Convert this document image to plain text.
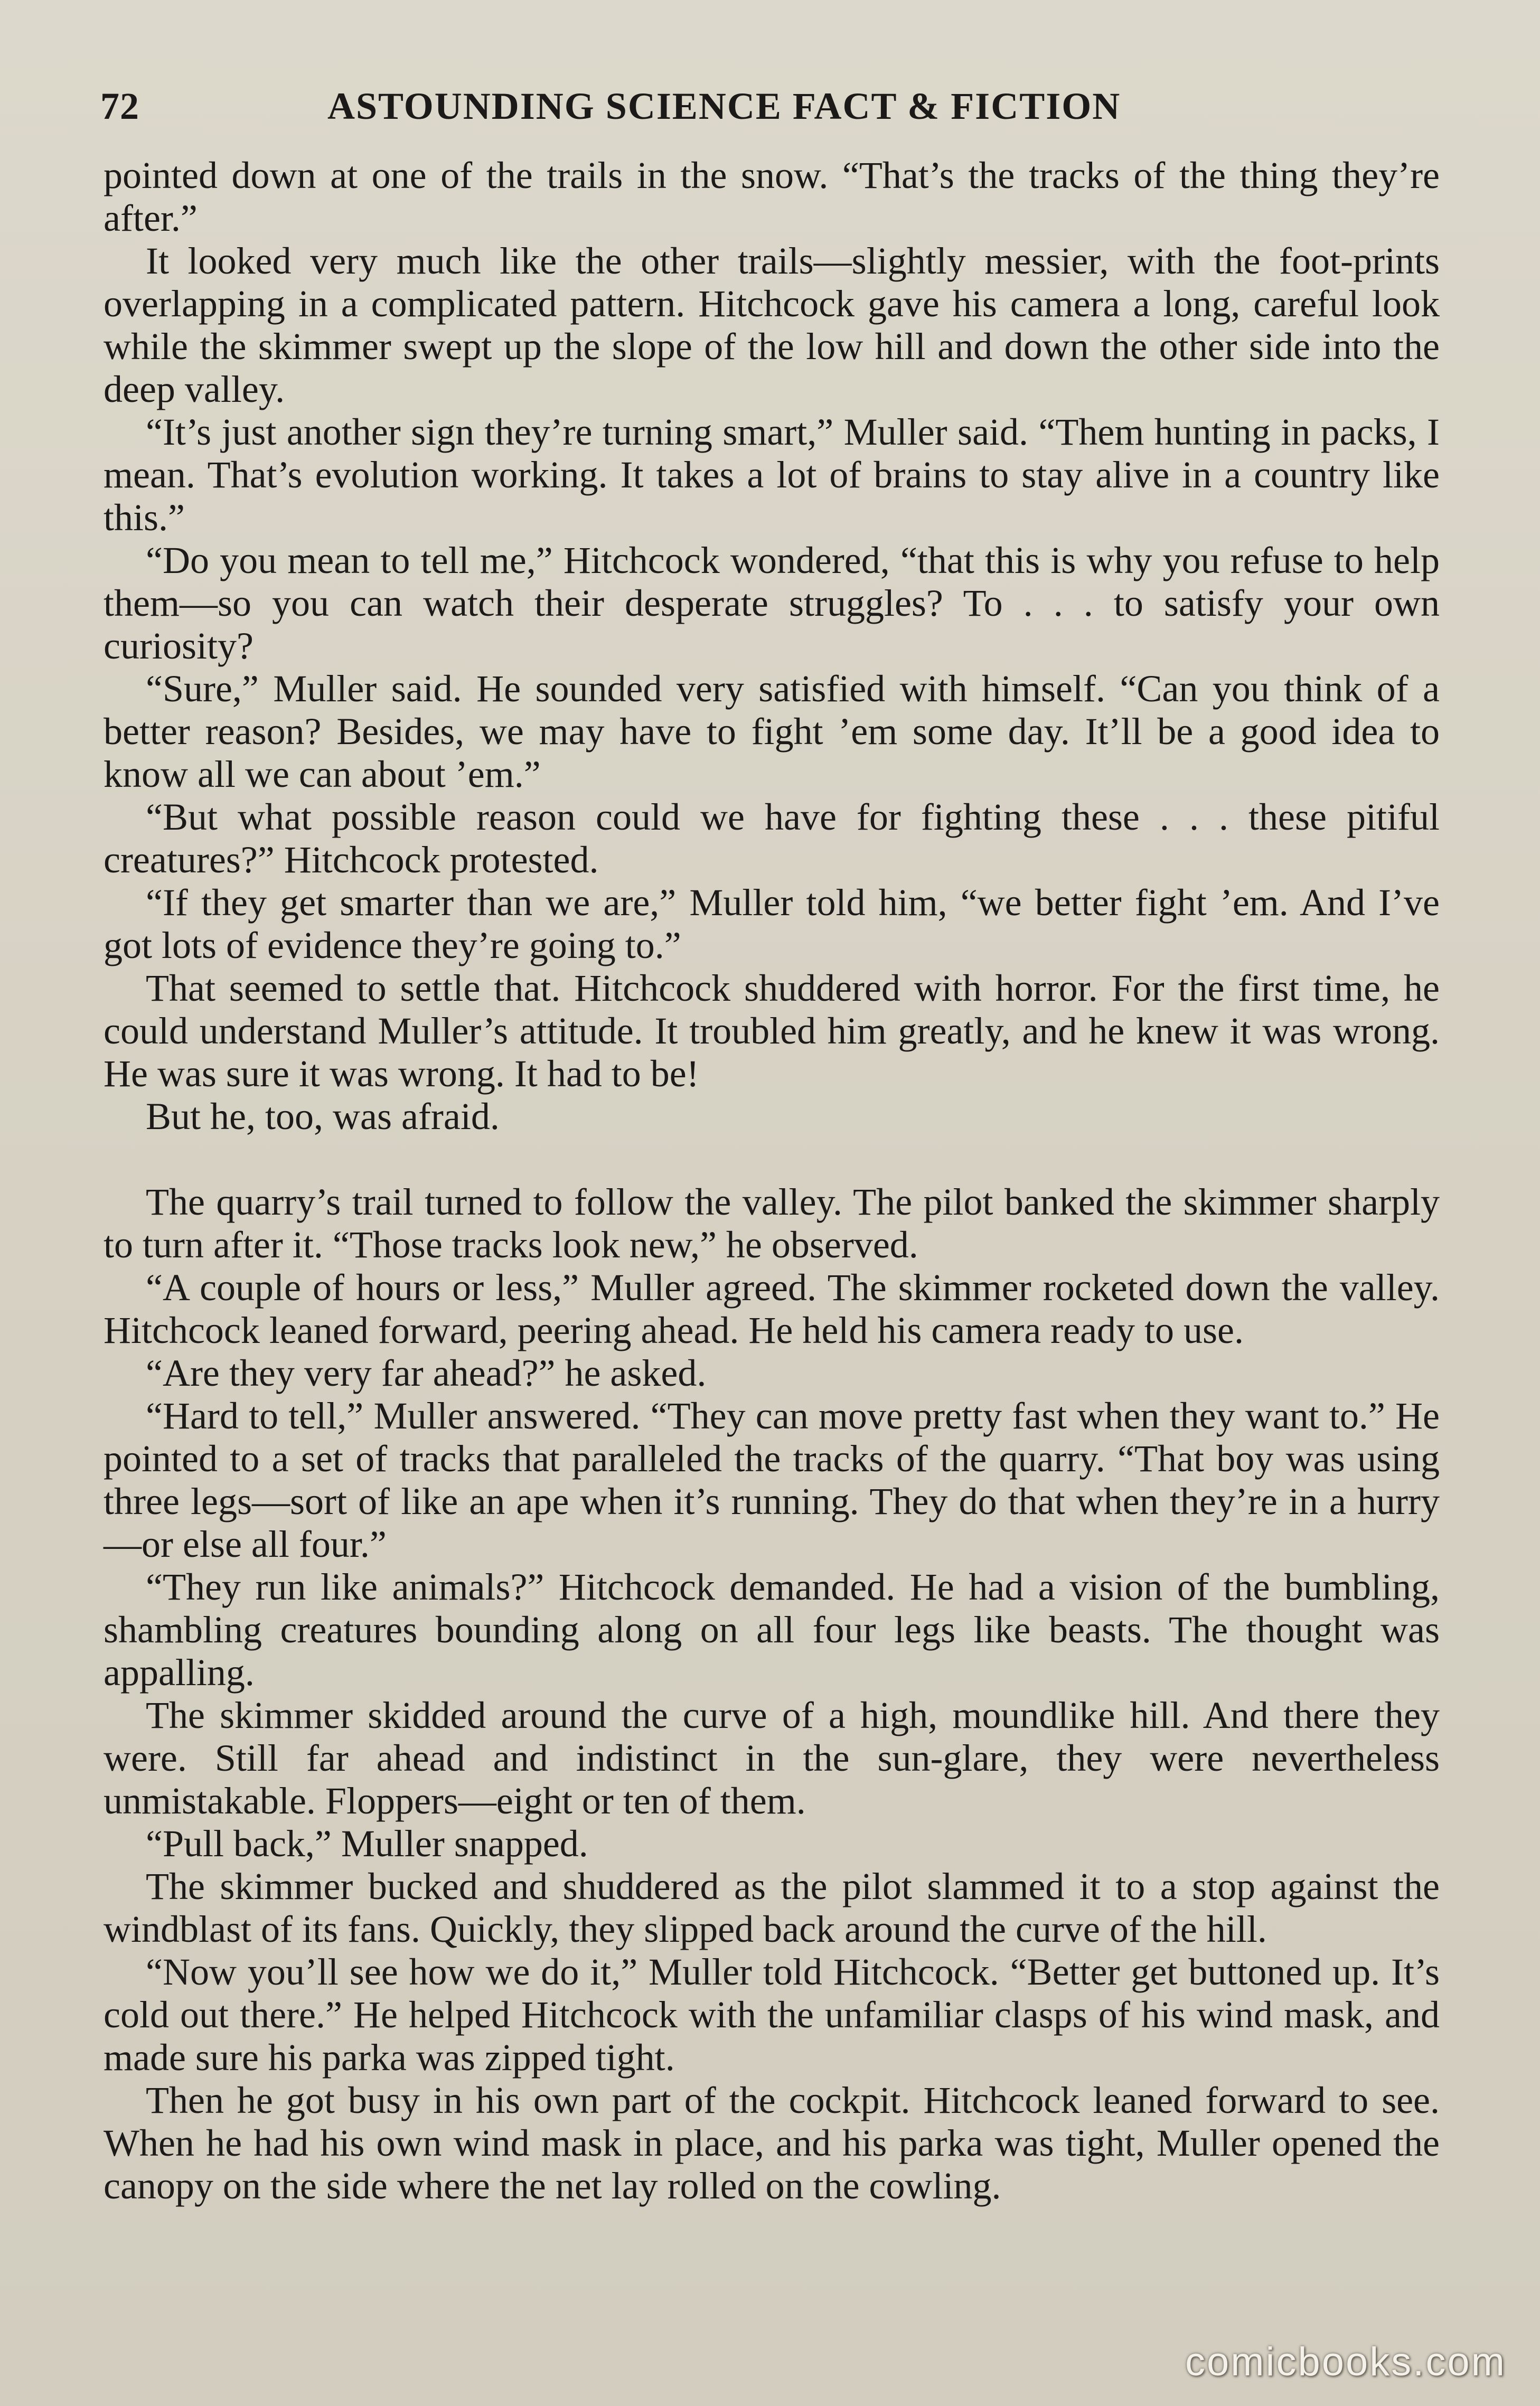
72	ASTOUNDING SCIENCE FACT & FICTION

pointed down at one of the trails in the snow. “That’s the tracks of the thing they’re after.”

It looked very much like the other trails—slightly messier, with the foot-prints overlapping in a complicated pattern. Hitchcock gave his camera a long, careful look while the skimmer swept up the slope of the low hill and down the other side into the deep valley.

“It’s just another sign they’re turning smart,” Muller said. “Them hunting in packs, I mean. That’s evolution working. It takes a lot of brains to stay alive in a country like this.”

“Do you mean to tell me,” Hitchcock wondered, “that this is why you refuse to help them—so you can watch their desperate struggles? To . . . to satisfy your own curiosity?

“Sure,” Muller said. He sounded very satisfied with himself. “Can you think of a better reason? Besides, we may have to fight ’em some day. It’ll be a good idea to know all we can about ’em.”

“But what possible reason could we have for fighting these . . . these pitiful creatures?” Hitchcock protested.

“If they get smarter than we are,” Muller told him, “we better fight ’em. And I’ve got lots of evidence they’re going to.”

That seemed to settle that. Hitchcock shuddered with horror. For the first time, he could understand Muller’s attitude. It troubled him greatly, and he knew it was wrong. He was sure it was wrong. It had to be!

But he, too, was afraid.

The quarry’s trail turned to follow the valley. The pilot banked the skimmer sharply to turn after it. “Those tracks look new,” he observed.

“A couple of hours or less,” Muller agreed. The skimmer rocketed down the valley. Hitchcock leaned forward, peering ahead. He held his camera ready to use.

“Are they very far ahead?” he asked.

“Hard to tell,” Muller answered. “They can move pretty fast when they want to.” He pointed to a set of tracks that paralleled the tracks of the quarry. “That boy was using three legs—sort of like an ape when it’s running. They do that when they’re in a hurry—or else all four.”

“They run like animals?” Hitchcock demanded. He had a vision of the bumbling, shambling creatures bounding along on all four legs like beasts. The thought was appalling.

The skimmer skidded around the curve of a high, moundlike hill. And there they were. Still far ahead and indistinct in the sun-glare, they were nevertheless unmistakable. Floppers—eight or ten of them.

“Pull back,” Muller snapped.

The skimmer bucked and shuddered as the pilot slammed it to a stop against the windblast of its fans. Quickly, they slipped back around the curve of the hill.

“Now you’ll see how we do it,” Muller told Hitchcock. “Better get buttoned up. It’s cold out there.” He helped Hitchcock with the unfamiliar clasps of his wind mask, and made sure his parka was zipped tight.

Then he got busy in his own part of the cockpit. Hitchcock leaned forward to see. When he had his own wind mask in place, and his parka was tight, Muller opened the canopy on the side where the net lay rolled on the cowling.

comicbooks.com
